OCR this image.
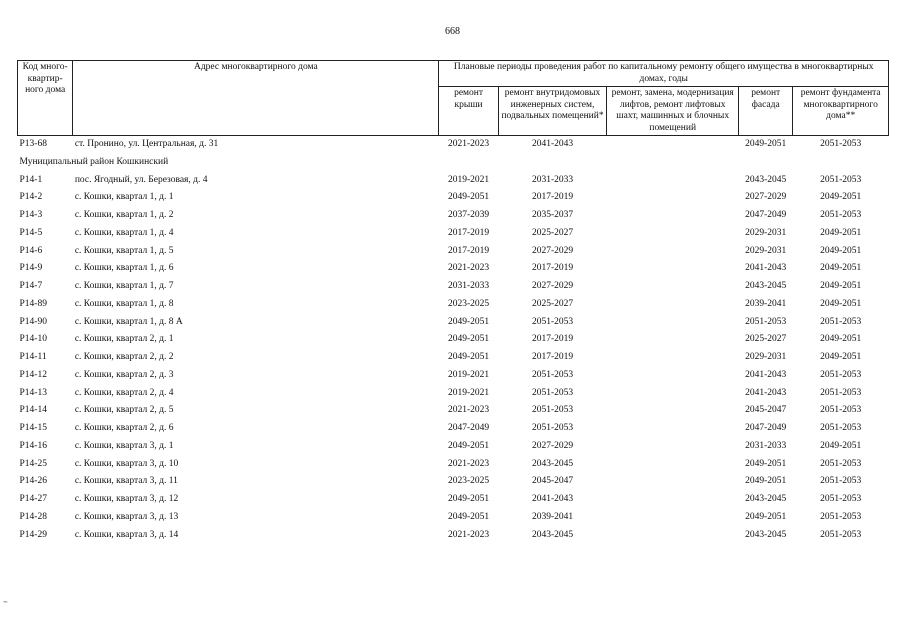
668
Код много-квартир-ного дома	Адрес многоквартирного дома	Плановые периоды проведения работ по капитальному ремонту общего имущества в многоквартирных домах, годы				
		ремонт крыши	ремонт внутридомовых инженерных систем, подвальных помещений*	ремонт, замена, модернизация лифтов, ремонт лифтовых шахт, машинных и блочных помещений	ремонт фасада	ремонт фундамента многоквартирного дома**
Р13-68	ст. Пронино, ул. Центральная, д. 31	2021-2023	2041-2043		2049-2051	2051-2053
Муниципальный район Кошкинский						
Р14-1	пос. Ягодный, ул. Березовая, д. 4	2019-2021	2031-2033		2043-2045	2051-2053
Р14-2	с. Кошки, квартал 1, д. 1	2049-2051	2017-2019		2027-2029	2049-2051
Р14-3	с. Кошки, квартал 1, д. 2	2037-2039	2035-2037		2047-2049	2051-2053
Р14-5	с. Кошки, квартал 1, д. 4	2017-2019	2025-2027		2029-2031	2049-2051
Р14-6	с. Кошки, квартал 1, д. 5	2017-2019	2027-2029		2029-2031	2049-2051
Р14-9	с. Кошки, квартал 1, д. 6	2021-2023	2017-2019		2041-2043	2049-2051
Р14-7	с. Кошки, квартал 1, д. 7	2031-2033	2027-2029		2043-2045	2049-2051
Р14-89	с. Кошки, квартал 1, д. 8	2023-2025	2025-2027		2039-2041	2049-2051
Р14-90	с. Кошки, квартал 1, д. 8 А	2049-2051	2051-2053		2051-2053	2051-2053
Р14-10	с. Кошки, квартал 2, д. 1	2049-2051	2017-2019		2025-2027	2049-2051
Р14-11	с. Кошки, квартал 2, д. 2	2049-2051	2017-2019		2029-2031	2049-2051
Р14-12	с. Кошки, квартал 2, д. 3	2019-2021	2051-2053		2041-2043	2051-2053
Р14-13	с. Кошки, квартал 2, д. 4	2019-2021	2051-2053		2041-2043	2051-2053
Р14-14	с. Кошки, квартал 2, д. 5	2021-2023	2051-2053		2045-2047	2051-2053
Р14-15	с. Кошки, квартал 2, д. 6	2047-2049	2051-2053		2047-2049	2051-2053
Р14-16	с. Кошки, квартал 3, д. 1	2049-2051	2027-2029		2031-2033	2049-2051
Р14-25	с. Кошки, квартал 3, д. 10	2021-2023	2043-2045		2049-2051	2051-2053
Р14-26	с. Кошки, квартал 3, д. 11	2023-2025	2045-2047		2049-2051	2051-2053
Р14-27	с. Кошки, квартал 3, д. 12	2049-2051	2041-2043		2043-2045	2051-2053
Р14-28	с. Кошки, квартал 3, д. 13	2049-2051	2039-2041		2049-2051	2051-2053
Р14-29	с. Кошки, квартал 3, д. 14	2021-2023	2043-2045		2043-2045	2051-2053
‷
